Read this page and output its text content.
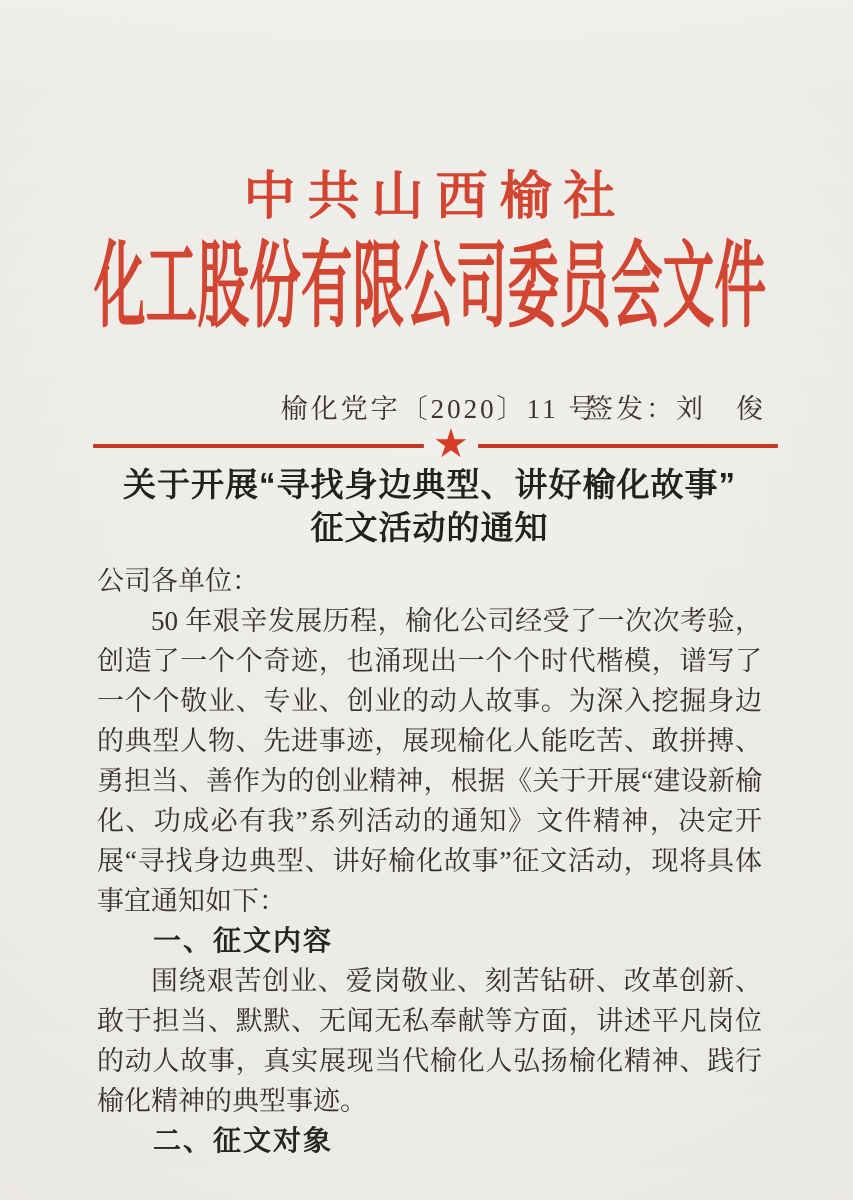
中共山西榆社
化工股份有限公司委员会文件
榆化党字〔2020〕11 号
签发：刘　俊
★
关于开展“寻找身边典型、讲好榆化故事”
征文活动的通知
公司各单位：
50 年艰辛发展历程，榆化公司经受了一次次考验，创造了一个个奇迹，也涌现出一个个时代楷模，谱写了一个个敬业、专业、创业的动人故事。为深入挖掘身边的典型人物、先进事迹，展现榆化人能吃苦、敢拼搏、勇担当、善作为的创业精神，根据《关于开展“建设新榆化、功成必有我”系列活动的通知》文件精神，决定开展“寻找身边典型、讲好榆化故事”征文活动，现将具体事宜通知如下：
一、征文内容
围绕艰苦创业、爱岗敬业、刻苦钻研、改革创新、敢于担当、默默、无闻无私奉献等方面，讲述平凡岗位的动人故事，真实展现当代榆化人弘扬榆化精神、践行榆化精神的典型事迹。
二、征文对象
